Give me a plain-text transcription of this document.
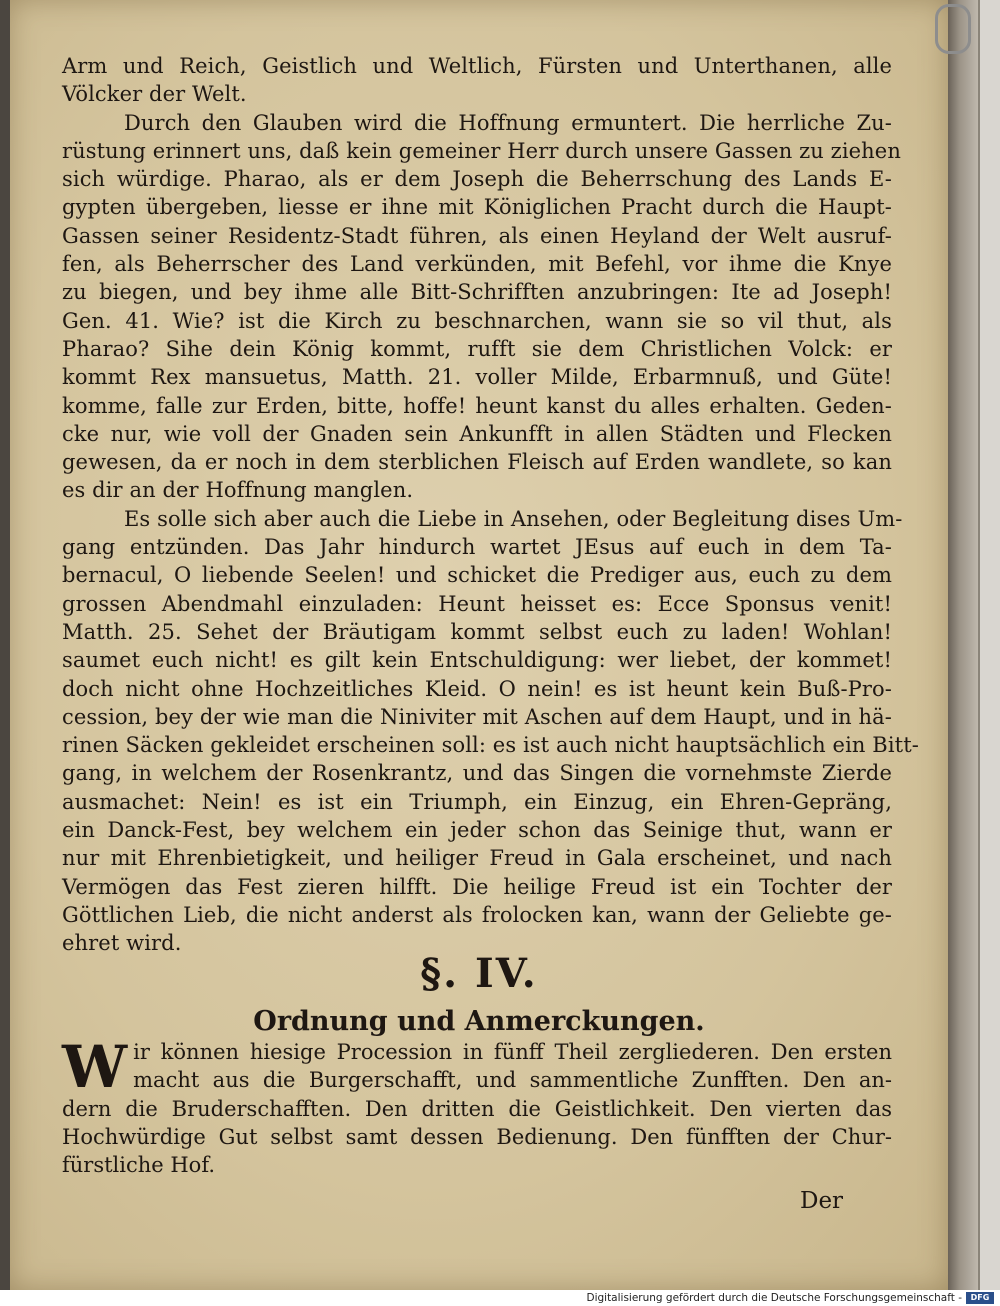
Arm und Reich, Geistlich und Weltlich, Fürsten und Unterthanen, alle
Völcker der Welt.
Durch den Glauben wird die Hoffnung ermuntert. Die herrliche Zu-
rüstung erinnert uns, daß kein gemeiner Herr durch unsere Gassen zu ziehen
sich würdige. Pharao, als er dem Joseph die Beherrschung des Lands E-
gypten übergeben, liesse er ihne mit Königlichen Pracht durch die Haupt-
Gassen seiner Residentz-Stadt führen, als einen Heyland der Welt ausruf-
fen, als Beherrscher des Land verkünden, mit Befehl, vor ihme die Knye
zu biegen, und bey ihme alle Bitt-Schrifften anzubringen: Ite ad Joseph!
Gen. 41. Wie? ist die Kirch zu beschnarchen, wann sie so vil thut, als
Pharao? Sihe dein König kommt, rufft sie dem Christlichen Volck: er
kommt Rex mansuetus, Matth. 21. voller Milde, Erbarmnuß, und Güte!
komme, falle zur Erden, bitte, hoffe! heunt kanst du alles erhalten. Geden-
cke nur, wie voll der Gnaden sein Ankunfft in allen Städten und Flecken
gewesen, da er noch in dem sterblichen Fleisch auf Erden wandlete, so kan
es dir an der Hoffnung manglen.
Es solle sich aber auch die Liebe in Ansehen, oder Begleitung dises Um-
gang entzünden. Das Jahr hindurch wartet JEsus auf euch in dem Ta-
bernacul, O liebende Seelen! und schicket die Prediger aus, euch zu dem
grossen Abendmahl einzuladen: Heunt heisset es: Ecce Sponsus venit!
Matth. 25. Sehet der Bräutigam kommt selbst euch zu laden! Wohlan!
saumet euch nicht! es gilt kein Entschuldigung: wer liebet, der kommet!
doch nicht ohne Hochzeitliches Kleid. O nein! es ist heunt kein Buß-Pro-
cession, bey der wie man die Niniviter mit Aschen auf dem Haupt, und in hä-
rinen Säcken gekleidet erscheinen soll: es ist auch nicht hauptsächlich ein Bitt-
gang, in welchem der Rosenkrantz, und das Singen die vornehmste Zierde
ausmachet: Nein! es ist ein Triumph, ein Einzug, ein Ehren-Gepräng,
ein Danck-Fest, bey welchem ein jeder schon das Seinige thut, wann er
nur mit Ehrenbietigkeit, und heiliger Freud in Gala erscheinet, und nach
Vermögen das Fest zieren hilfft. Die heilige Freud ist ein Tochter der
Göttlichen Lieb, die nicht anderst als frolocken kan, wann der Geliebte ge-
ehret wird.
§. IV.
Ordnung und Anmerckungen.
W ir können hiesige Procession in fünff Theil zergliederen. Den ersten
macht aus die Burgerschafft, und sammentliche Zunfften. Den an-
dern die Bruderschafften. Den dritten die Geistlichkeit. Den vierten das
Hochwürdige Gut selbst samt dessen Bedienung. Den fünfften der Chur-
fürstliche Hof.
Der
Digitalisierung gefördert durch die Deutsche Forschungsgemeinschaft -	DFG
